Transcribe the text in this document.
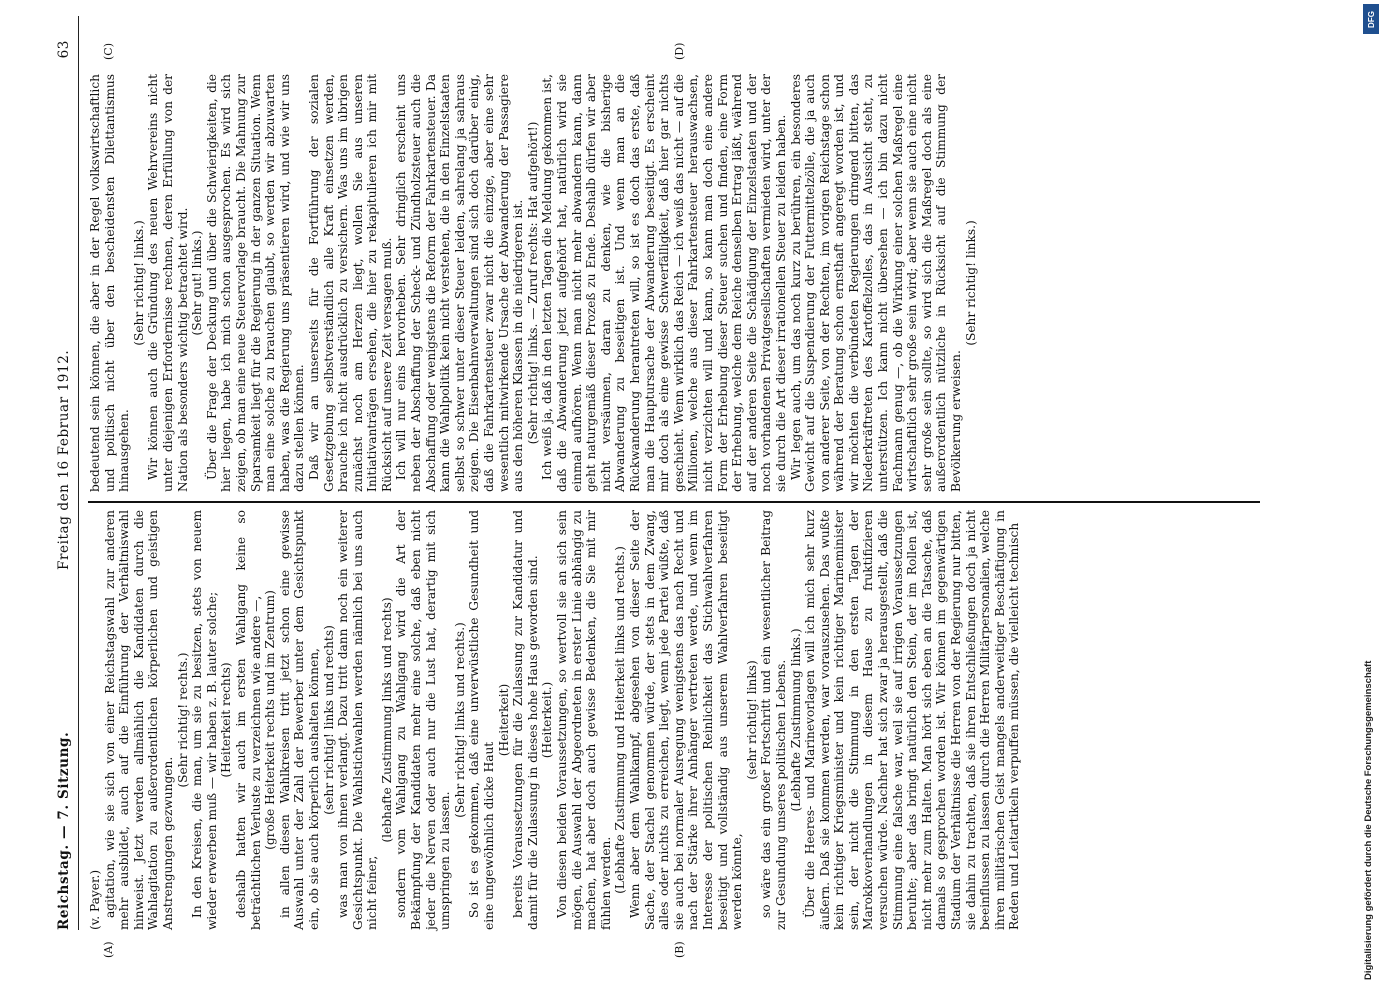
Reichstag. — 7. Sitzung.
Freitag den 16 Februar 1912.
63
(A)	(B)
(C)	(D)

(v. Payer.) agitation, wie sie sich von einer Reichstagswahl zur anderen mehr ausbildet, auch auf die Einführung der Verhältniswahl hinweist. Jetzt werden allmählich die Kandidaten durch die Wahlagitation zu außerordentlichen körperlichen und geistigen Anstrengungen gezwungen.

(Sehr richtig! rechts.) In den Kreisen, die man, um sie zu besitzen, stets von neuem wieder erwerben muß — wir haben z. B. lauter solche; (Heiterkeit rechts) deshalb hatten wir auch im ersten Wahlgang keine so beträchtlichen Verluste zu verzeichnen wie andere —, (große Heiterkeit rechts und im Zentrum) in allen diesen Wahlkreisen tritt jetzt schon eine gewisse Auswahl unter der Zahl der Bewerber unter dem Gesichtspunkt ein, ob sie auch körperlich aushalten können, (sehr richtig! links und rechts) was man von ihnen verlangt. Dazu tritt dann noch ein weiterer Gesichtspunkt. Die Wahlstichwahlen werden nämlich bei uns auch nicht feiner,

(lebhafte Zustimmung links und rechts) sondern vom Wahlgang zu Wahlgang wird die Art der Bekämpfung der Kandidaten mehr eine solche, daß eben nicht jeder die Nerven oder auch nur die Lust hat, derartig mit sich umspringen zu lassen.

(Sehr richtig! links und rechts.) So ist es gekommen, daß eine unverwüstliche Gesundheit und eine ungewöhnlich dicke Haut

(Heiterkeit) bereits Voraussetzungen für die Zulassung zur Kandidatur und damit für die Zulassung in dieses hohe Haus geworden sind. (Heiterkeit.) Von diesen beiden Voraussetzungen, so wertvoll sie an sich sein mögen, die Auswahl der Abgeordneten in erster Linie abhängig zu machen, hat aber doch auch gewisse Bedenken, die Sie mit mir fühlen werden. (Lebhafte Zustimmung und Heiterkeit links und rechts.) Wenn aber dem Wahlkampf, abgesehen von dieser Seite der Sache, der Stachel genommen würde, der stets in dem Zwang, alles oder nichts zu erreichen, liegt, wenn jede Partei wüßte, daß sie auch bei normaler Ausregung wenigstens das nach Recht und nach der Stärke ihrer Anhänger vertreten werde, und wenn im Interesse der politischen Reinlichkeit das Stichwahlverfahren beseitigt und vollständig aus unserem Wahlverfahren beseitigt werden könnte,

(sehr richtig! links) so wäre das ein großer Fortschritt und ein wesentlicher Beitrag zur Gesundung unseres politischen Lebens. (Lebhafte Zustimmung links.) Über die Heeres- und Marinevorlagen will ich mich sehr kurz äußern. Daß sie kommen werden, war vorauszusehen. Das wußte kein richtiger Kriegsminister und kein richtiger Marineminister sein, der nicht die Stimmung in den ersten Tagen der Marokkoverhandlungen in diesem Hause zu fruktifizieren versuchen würde. Nachher hat sich zwar ja herausgestellt, daß die Stimmung eine falsche war, weil sie auf irrigen Voraussetzungen beruhte; aber das bringt natürlich den Stein, der im Rollen ist, nicht mehr zum Halten. Man hört sich eben an die Tatsache, daß damals so gesprochen worden ist. Wir können im gegenwärtigen Stadium der Verhältnisse die Herren von der Regierung nur bitten, sie dahin zu trachten, daß sie ihren Entschließungen doch ja nicht beeinflussen zu lassen durch die Herren Militärpersonalien, welche ihren militärischen Geist mangels anderweitiger Beschäftigung in Reden und Leitartikeln verpuffen müssen, die vielleicht technisch

bedeutend sein können, die aber in der Regel volkswirtschaftlich und politisch nicht über den bescheidensten Dilettantismus hinausgehen.

(Sehr richtig! links.) Wir können auch die Gründung des neuen Wehrvereins nicht unter diejenigen Erfordernisse rechnen, deren Erfüllung von der Nation als besonders wichtig betrachtet wird. (Sehr gut! links.) Über die Frage der Deckung und über die Schwierigkeiten, die hier liegen, habe ich mich schon ausgesprochen. Es wird sich zeigen, ob man eine neue Steuervorlage braucht. Die Mahnung zur Sparsamkeit liegt für die Regierung in der ganzen Situation. Wenn man eine solche zu brauchen glaubt, so werden wir abzuwarten haben, was die Regierung uns präsentieren wird, und wie wir uns dazu stellen können. Daß wir an unserseits für die Fortführung der sozialen Gesetzgebung selbstverständlich alle Kraft einsetzen werden, brauche ich nicht ausdrücklich zu versichern. Was uns im übrigen zunächst noch am Herzen liegt, wollen Sie aus unseren Initiativanträgen ersehen, die hier zu rekapitulieren ich mir mit Rücksicht auf unsere Zeit versagen muß. Ich will nur eins hervorheben. Sehr dringlich erscheint uns neben der Abschaffung der Scheck- und Zündholzsteuer auch die Abschaffung oder wenigstens die Reform der Fahrkartensteuer. Da kann die Wahlpolitik kein nicht verstehen, die in den Einzelstaaten selbst so schwer unter dieser Steuer leiden, sahrelang ja sahraus zeigen. Die Eisenbahnverwaltungen sind sich doch darüber einig, daß die Fahrkartensteuer zwar nicht die einzige, aber eine sehr wesentlich mitwirkende Ursache der Abwanderung der Passagiere aus den höheren Klassen in die niedrigeren ist. (Sehr richtig! links. — Zuruf rechts: Hat aufgehört!) Ich weiß ja, daß in den letzten Tagen die Meldung gekommen ist, daß die Abwanderung jetzt aufgehört hat, natürlich wird sie einmal aufhören. Wenn man nicht mehr abwandern kann, dann geht naturgemäß dieser Prozeß zu Ende. Deshalb dürfen wir aber nicht versäumen, daran zu denken, wie die bisherige Abwanderung zu beseitigen ist. Und wenn man an die Rückwanderung herantreten will, so ist es doch das erste, daß man die Hauptursache der Abwanderung beseitigt. Es erscheint mir doch als eine gewisse Schwerfälligkeit, daß hier gar nichts geschieht. Wenn wirklich das Reich — ich weiß das nicht — auf die Millionen, welche aus dieser Fahrkartensteuer herauswachsen, nicht verzichten will und kann, so kann man doch eine andere Form der Erhebung dieser Steuer suchen und finden, eine Form der Erhebung, welche dem Reiche denselben Ertrag läßt, während auf der anderen Seite die Schädigung der Einzelstaaten und der noch vorhandenen Privatgesellschaften vermieden wird, unter der sie durch die Art dieser irrationellen Steuer zu leiden haben. Wir legen auch, um das noch kurz zu berühren, ein besonderes Gewicht auf die Suspendierung der Futtermittelzölle, die ja auch von anderer Seite, von der Rechten, im vorigen Reichstage schon während der Beratung schon ernsthaft angeregt worden ist, und wir möchten die verbündeten Regierungen dringend bitten, das Niederkräftreten des Kartoffelzolles, das in Aussicht steht, zu unterstützen. Ich kann nicht übersehen — ich bin dazu nicht Fachmann genug —, ob die Wirkung einer solchen Maßregel eine wirtschaftlich sehr große sein wird; aber wenn sie auch eine nicht sehr große sein sollte, so wird sich die Maßregel doch als eine außerordentlich nützliche in Rücksicht auf die Stimmung der Bevölkerung erweisen.

(Sehr richtig! links.)

DFG
Digitalisierung gefördert durch die Deutsche Forschungsgemeinschaft
